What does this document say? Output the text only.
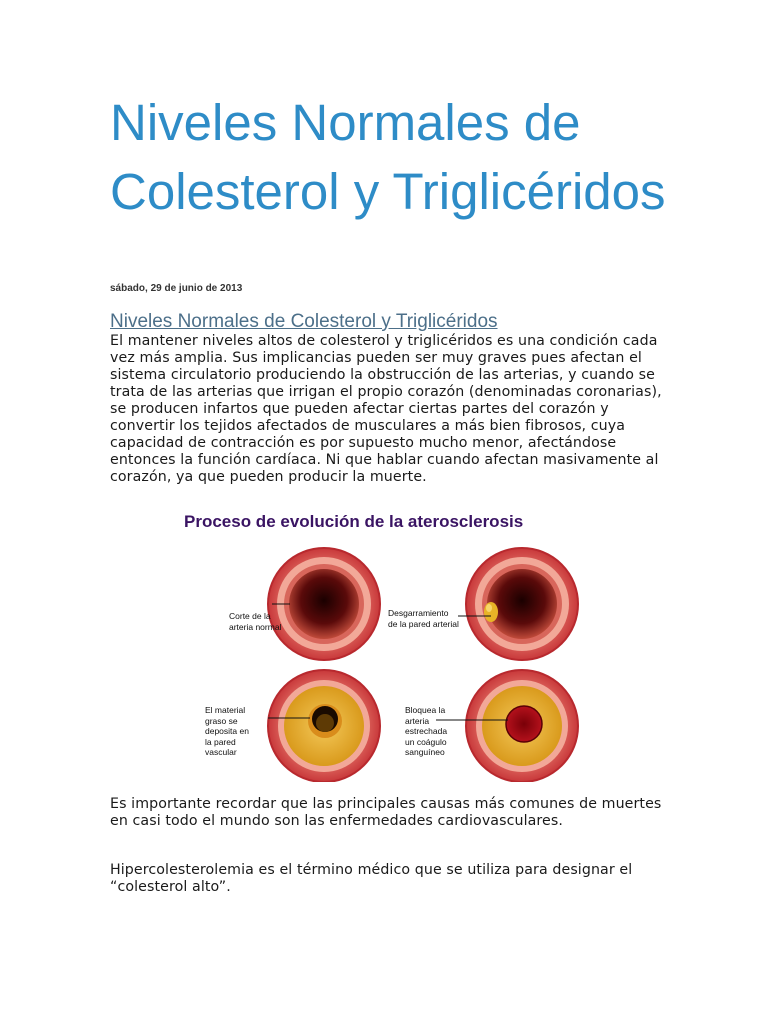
Niveles Normales de Colesterol y Triglicéridos
sábado, 29 de junio de 2013
Niveles Normales de Colesterol y Triglicéridos

El mantener niveles altos de colesterol y triglicéridos es una condición cada vez más amplia. Sus implicancias pueden ser muy graves pues afectan el sistema circulatorio produciendo la obstrucción de las arterias, y cuando se trata de las arterias que irrigan el propio corazón (denominadas coronarias), se producen infartos que pueden afectar ciertas partes del corazón y convertir los tejidos afectados de musculares a más bien fibrosos, cuya capacidad de contracción es por supuesto mucho menor, afectándose entonces la función cardíaca. Ni que hablar cuando afectan masivamente al corazón, ya que pueden producir la muerte.

Proceso de evolución de la aterosclerosis
Corte de la
arteria normal
Desgarramiento
de la pared arterial
El material
graso se
deposita en
la pared
vascular
Bloquea la
arteria
estrechada
un coágulo
sanguíneo

Es importante recordar que las principales causas más comunes de muertes en casi todo el mundo son las enfermedades cardiovasculares.

Hipercolesterolemia es el término médico que se utiliza para designar el “colesterol alto”.
